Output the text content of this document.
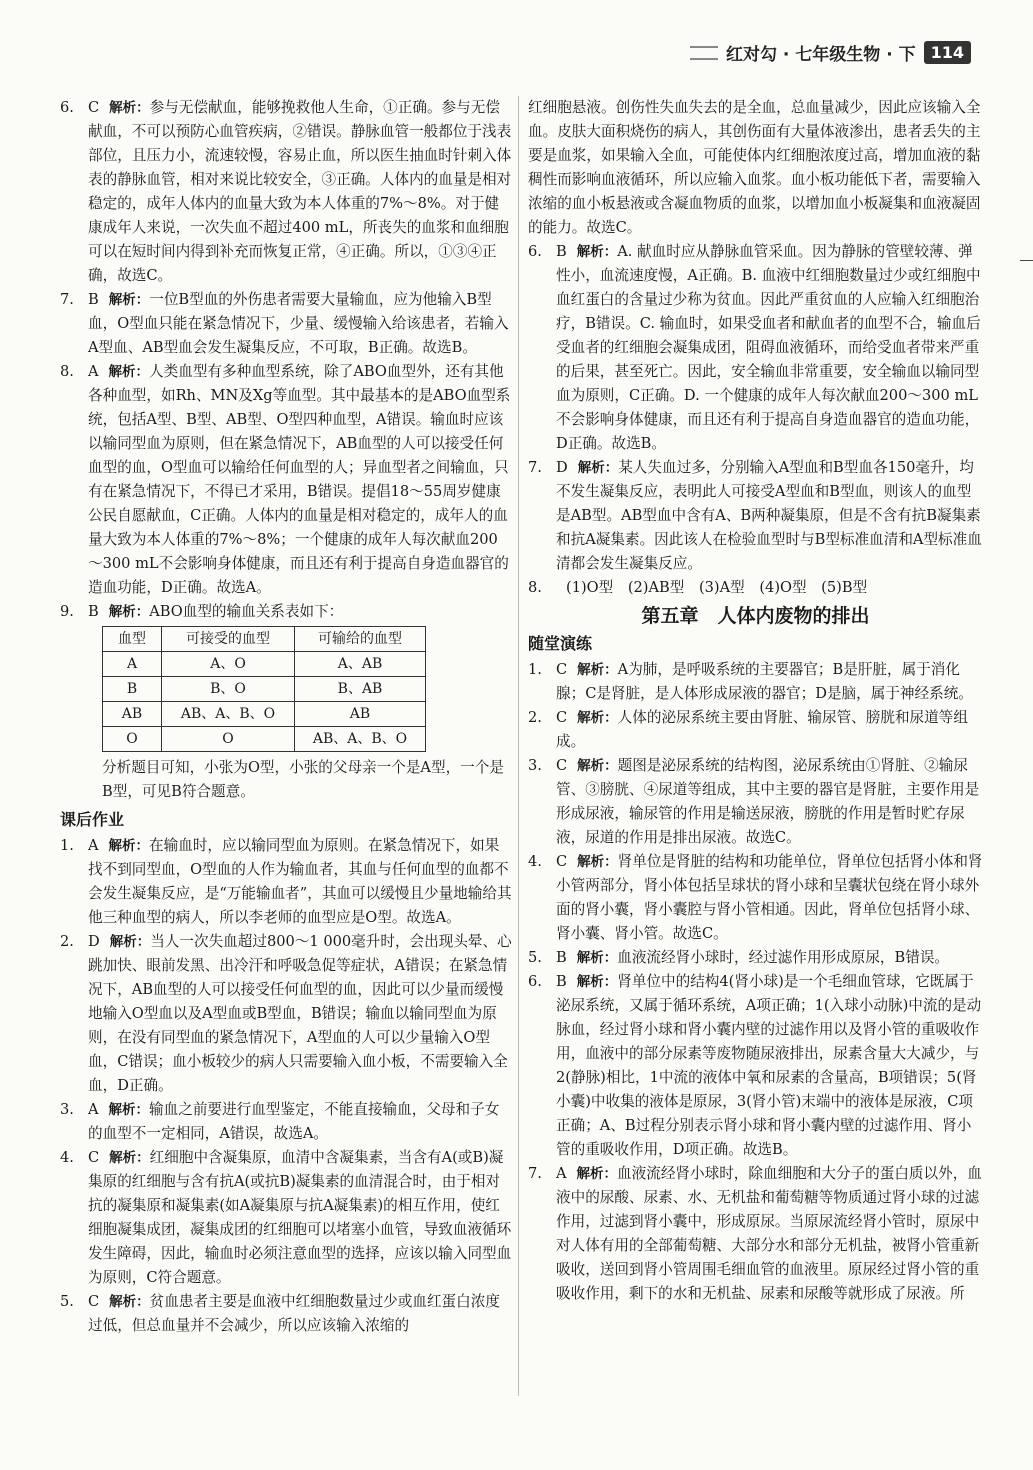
红对勾 · 七年级生物 · 下 114

6. C 解析：参与无偿献血，能够挽救他人生命，①正确。参与无偿献血，不可以预防心血管疾病，②错误。静脉血管一般都位于浅表部位，且压力小，流速较慢，容易止血，所以医生抽血时针刺入体表的静脉血管，相对来说比较安全，③正确。人体内的血量是相对稳定的，成年人体内的血量大致为本人体重的7%～8%。对于健康成年人来说，一次失血不超过400 mL，所丧失的血浆和血细胞可以在短时间内得到补充而恢复正常，④正确。所以，①③④正确，故选C。

7. B 解析：一位B型血的外伤患者需要大量输血，应为他输入B型血，O型血只能在紧急情况下，少量、缓慢输入给该患者，若输入A型血、AB型血会发生凝集反应，不可取，B正确。故选B。

8. A 解析：人类血型有多种血型系统，除了ABO血型外，还有其他各种血型，如Rh、MN及Xg等血型。其中最基本的是ABO血型系统，包括A型、B型、AB型、O型四种血型，A错误。输血时应该以输同型血为原则，但在紧急情况下，AB血型的人可以接受任何血型的血，O型血可以输给任何血型的人；异血型者之间输血，只有在紧急情况下，不得已才采用，B错误。提倡18～55周岁健康公民自愿献血，C正确。人体内的血量是相对稳定的，成年人的血量大致为本人体重的7%～8%；一个健康的成年人每次献血200～300 mL不会影响身体健康，而且还有利于提高自身造血器官的造血功能，D正确。故选A。

9. B 解析：ABO血型的输血关系表如下：

血型	可接受的血型	可输给的血型
A	A、O	A、AB
B	B、O	B、AB
AB	AB、A、B、O	AB
O	O	AB、A、B、O

分析题目可知，小张为O型，小张的父母亲一个是A型，一个是B型，可见B符合题意。

课后作业

1. A 解析：在输血时，应以输同型血为原则。在紧急情况下，如果找不到同型血，O型血的人作为输血者，其血与任何血型的血都不会发生凝集反应，是“万能输血者”，其血可以缓慢且少量地输给其他三种血型的病人，所以李老师的血型应是O型。故选A。

2. D 解析：当人一次失血超过800～1 000毫升时，会出现头晕、心跳加快、眼前发黑、出冷汗和呼吸急促等症状，A错误；在紧急情况下，AB血型的人可以接受任何血型的血，因此可以少量而缓慢地输入O型血以及A型血或B型血，B错误；输血以输同型血为原则，在没有同型血的紧急情况下，A型血的人可以少量输入O型血，C错误；血小板较少的病人只需要输入血小板，不需要输入全血，D正确。

3. A 解析：输血之前要进行血型鉴定，不能直接输血，父母和子女的血型不一定相同，A错误，故选A。

4. C 解析：红细胞中含凝集原，血清中含凝集素，当含有A(或B)凝集原的红细胞与含有抗A(或抗B)凝集素的血清混合时，由于相对抗的凝集原和凝集素(如A凝集原与抗A凝集素)的相互作用，使红细胞凝集成团，凝集成团的红细胞可以堵塞小血管，导致血液循环发生障碍，因此，输血时必须注意血型的选择，应该以输入同型血为原则，C符合题意。

5. C 解析：贫血患者主要是血液中红细胞数量过少或血红蛋白浓度过低，但总血量并不会减少，所以应该输入浓缩的

红细胞悬液。创伤性失血失去的是全血，总血量减少，因此应该输入全血。皮肤大面积烧伤的病人，其创伤面有大量体液渗出，患者丢失的主要是血浆，如果输入全血，可能使体内红细胞浓度过高，增加血液的黏稠性而影响血液循环，所以应输入血浆。血小板功能低下者，需要输入浓缩的血小板悬液或含凝血物质的血浆，以增加血小板凝集和血液凝固的能力。故选C。

6. B 解析：A. 献血时应从静脉血管采血。因为静脉的管壁较薄、弹性小，血流速度慢，A正确。B. 血液中红细胞数量过少或红细胞中血红蛋白的含量过少称为贫血。因此严重贫血的人应输入红细胞治疗，B错误。C. 输血时，如果受血者和献血者的血型不合，输血后受血者的红细胞会凝集成团，阻碍血液循环，而给受血者带来严重的后果，甚至死亡。因此，安全输血非常重要，安全输血以输同型血为原则，C正确。D. 一个健康的成年人每次献血200～300 mL不会影响身体健康，而且还有利于提高自身造血器官的造血功能，D正确。故选B。

7. D 解析：某人失血过多，分别输入A型血和B型血各150毫升，均不发生凝集反应，表明此人可接受A型血和B型血，则该人的血型是AB型。AB型血中含有A、B两种凝集原，但是不含有抗B凝集素和抗A凝集素。因此该人在检验血型时与B型标准血清和A型标准血清都会发生凝集反应。

8. (1)O型　(2)AB型　(3)A型　(4)O型　(5)B型

第五章　人体内废物的排出
随堂演练

1. C 解析：A为肺，是呼吸系统的主要器官；B是肝脏，属于消化腺；C是肾脏，是人体形成尿液的器官；D是脑，属于神经系统。

2. C 解析：人体的泌尿系统主要由肾脏、输尿管、膀胱和尿道等组成。

3. C 解析：题图是泌尿系统的结构图，泌尿系统由①肾脏、②输尿管、③膀胱、④尿道等组成，其中主要的器官是肾脏，主要作用是形成尿液，输尿管的作用是输送尿液，膀胱的作用是暂时贮存尿液，尿道的作用是排出尿液。故选C。

4. C 解析：肾单位是肾脏的结构和功能单位，肾单位包括肾小体和肾小管两部分，肾小体包括呈球状的肾小球和呈囊状包绕在肾小球外面的肾小囊，肾小囊腔与肾小管相通。因此，肾单位包括肾小球、肾小囊、肾小管。故选C。

5. B 解析：血液流经肾小球时，经过滤作用形成原尿，B错误。

6. B 解析：肾单位中的结构4(肾小球)是一个毛细血管球，它既属于泌尿系统，又属于循环系统，A项正确；1(入球小动脉)中流的是动脉血，经过肾小球和肾小囊内壁的过滤作用以及肾小管的重吸收作用，血液中的部分尿素等废物随尿液排出，尿素含量大大减少，与2(静脉)相比，1中流的液体中氧和尿素的含量高，B项错误；5(肾小囊)中收集的液体是原尿，3(肾小管)末端中的液体是尿液，C项正确；A、B过程分别表示肾小球和肾小囊内壁的过滤作用、肾小管的重吸收作用，D项正确。故选B。

7. A 解析：血液流经肾小球时，除血细胞和大分子的蛋白质以外，血液中的尿酸、尿素、水、无机盐和葡萄糖等物质通过肾小球的过滤作用，过滤到肾小囊中，形成原尿。当原尿流经肾小管时，原尿中对人体有用的全部葡萄糖、大部分水和部分无机盐，被肾小管重新吸收，送回到肾小管周围毛细血管的血液里。原尿经过肾小管的重吸收作用，剩下的水和无机盐、尿素和尿酸等就形成了尿液。所
